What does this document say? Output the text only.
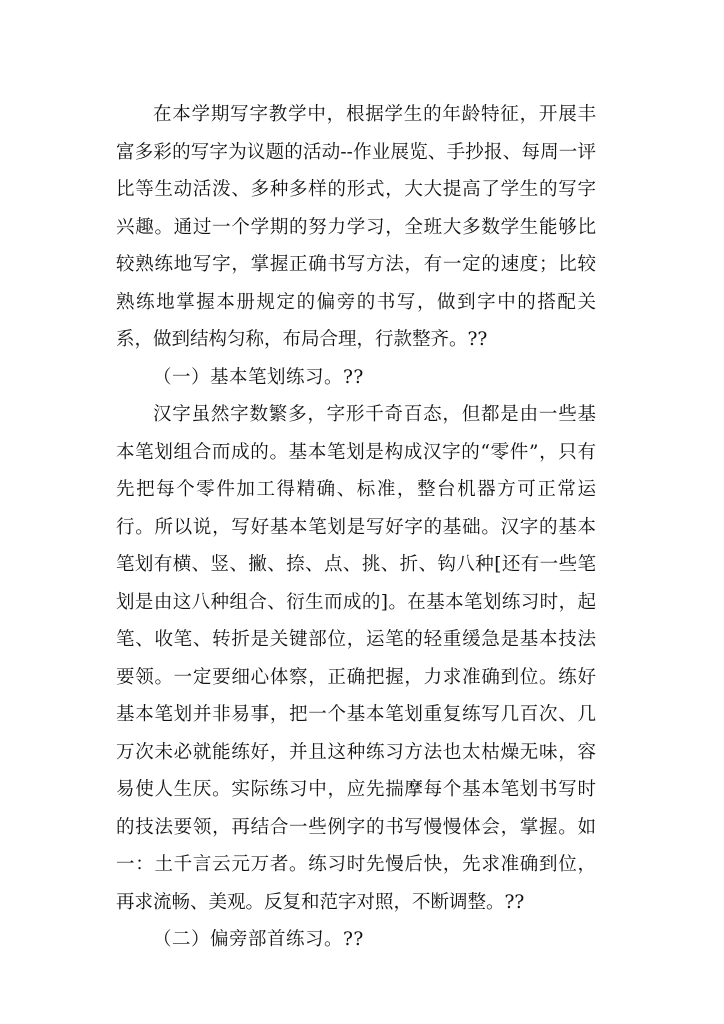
在本学期写字教学中，根据学生的年龄特征，开展丰富多彩的写字为议题的活动--作业展览、手抄报、每周一评比等生动活泼、多种多样的形式，大大提高了学生的写字兴趣。通过一个学期的努力学习，全班大多数学生能够比较熟练地写字，掌握正确书写方法，有一定的速度；比较熟练地掌握本册规定的偏旁的书写，做到字中的搭配关系，做到结构匀称，布局合理，行款整齐。??

（一）基本笔划练习。??

汉字虽然字数繁多，字形千奇百态，但都是由一些基本笔划组合而成的。基本笔划是构成汉字的“零件”，只有先把每个零件加工得精确、标准，整台机器方可正常运行。所以说，写好基本笔划是写好字的基础。汉字的基本笔划有横、竖、撇、捺、点、挑、折、钩八种[还有一些笔划是由这八种组合、衍生而成的]。在基本笔划练习时，起笔、收笔、转折是关键部位，运笔的轻重缓急是基本技法要领。一定要细心体察，正确把握，力求准确到位。练好基本笔划并非易事，把一个基本笔划重复练写几百次、几万次未必就能练好，并且这种练习方法也太枯燥无味，容易使人生厌。实际练习中，应先揣摩每个基本笔划书写时的技法要领，再结合一些例字的书写慢慢体会，掌握。如一：土千言云元万者。练习时先慢后快，先求准确到位，再求流畅、美观。反复和范字对照，不断调整。??

（二）偏旁部首练习。??
